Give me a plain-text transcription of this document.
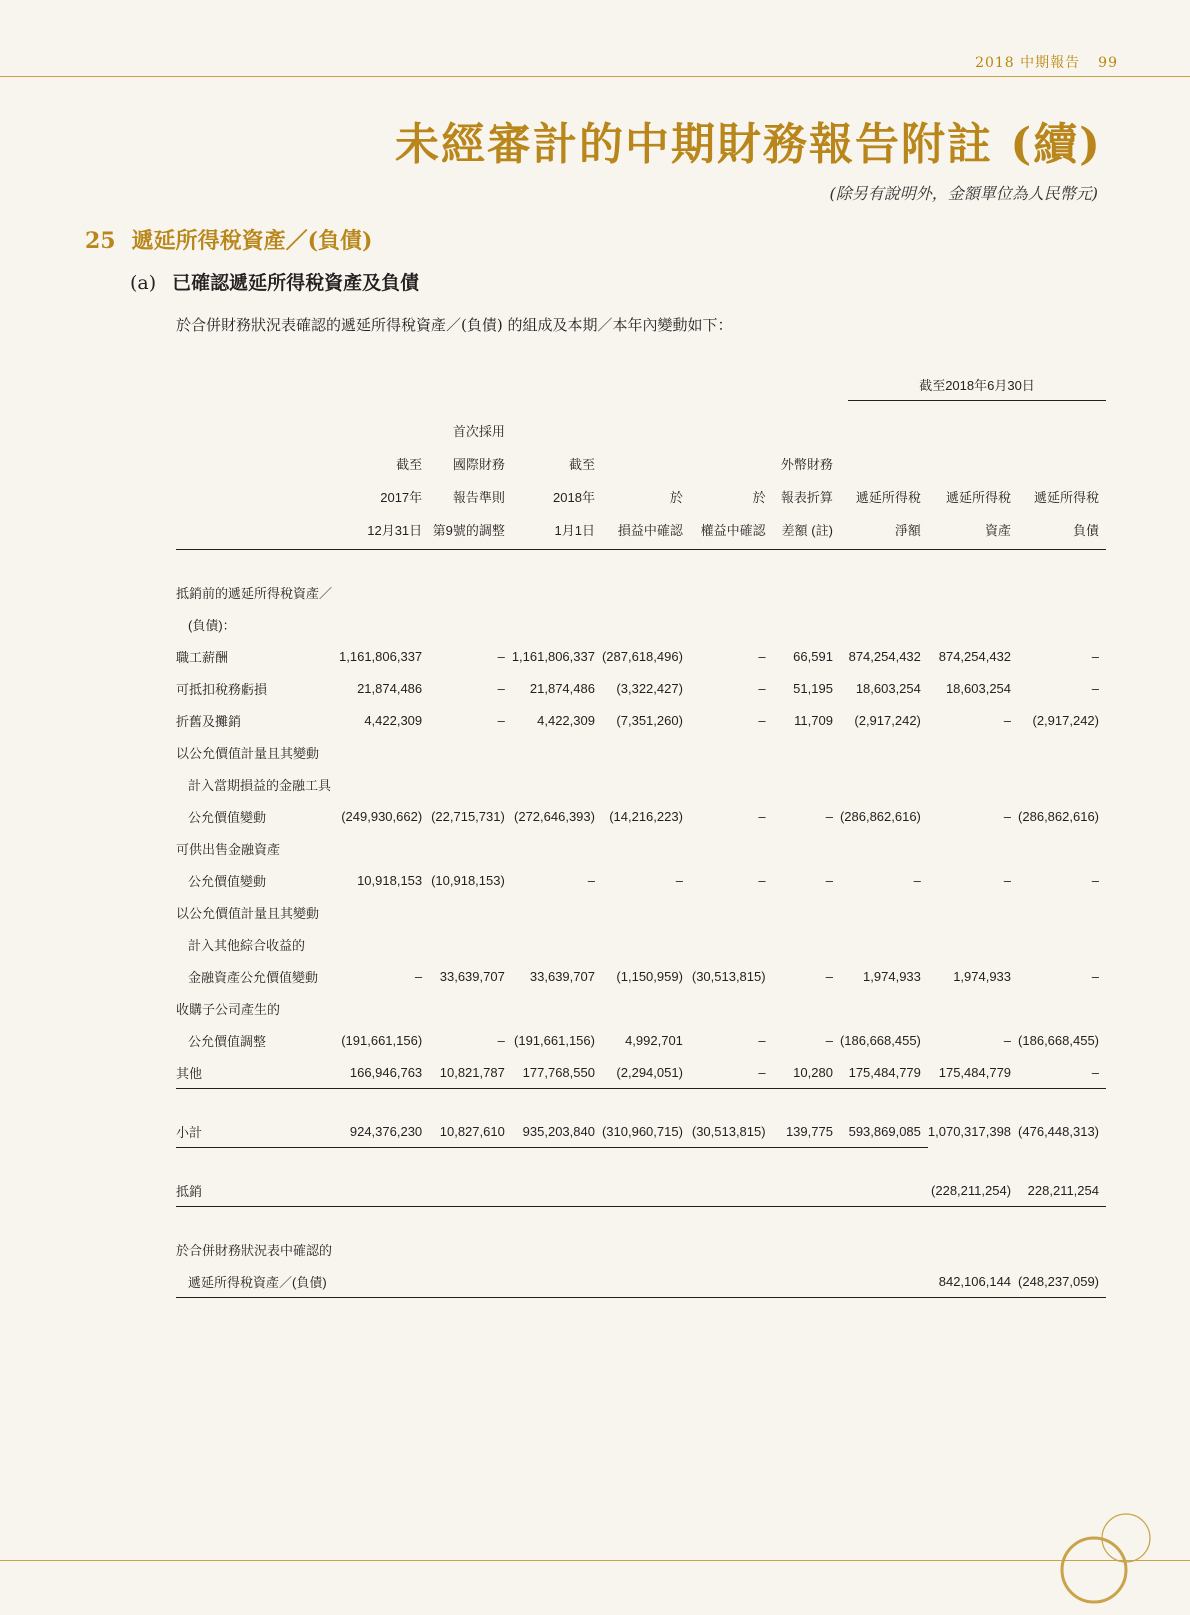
2018 中期報告 99
未經審計的中期財務報告附註 (續)
(除另有說明外，金額單位為人民幣元)
25 遞延所得稅資產／(負債)
(a) 已確認遞延所得稅資產及負債
於合併財務狀況表確認的遞延所得稅資產／(負債) 的組成及本期／本年內變動如下：
截至2018年6月30日
	截至
2017年
12月31日	首次採用
國際財務
報告準則
第9號的調整	截至
2018年
1月1日	於
損益中確認	於
權益中確認	外幣財務
報表折算
差額 (註)	遞延所得稅
淨額	遞延所得稅
資產	遞延所得稅
負債

抵銷前的遞延所得稅資產／									
(負債)：									
職工薪酬	1,161,806,337	–	1,161,806,337	(287,618,496)	–	66,591	874,254,432	874,254,432	–
可抵扣稅務虧損	21,874,486	–	21,874,486	(3,322,427)	–	51,195	18,603,254	18,603,254	–
折舊及攤銷	4,422,309	–	4,422,309	(7,351,260)	–	11,709	(2,917,242)	–	(2,917,242)
以公允價值計量且其變動									
計入當期損益的金融工具									
公允價值變動	(249,930,662)	(22,715,731)	(272,646,393)	(14,216,223)	–	–	(286,862,616)	–	(286,862,616)
可供出售金融資產									
公允價值變動	10,918,153	(10,918,153)	–	–	–	–	–	–	–
以公允價值計量且其變動									
計入其他綜合收益的									
金融資產公允價值變動	–	33,639,707	33,639,707	(1,150,959)	(30,513,815)	–	1,974,933	1,974,933	–
收購子公司產生的									
公允價值調整	(191,661,156)	–	(191,661,156)	4,992,701	–	–	(186,668,455)	–	(186,668,455)
其他	166,946,763	10,821,787	177,768,550	(2,294,051)	–	10,280	175,484,779	175,484,779	–

小計	924,376,230	10,827,610	935,203,840	(310,960,715)	(30,513,815)	139,775	593,869,085	1,070,317,398	(476,448,313)

抵銷								(228,211,254)	228,211,254

於合併財務狀況表中確認的									
遞延所得稅資產／(負債)								842,106,144	(248,237,059)
